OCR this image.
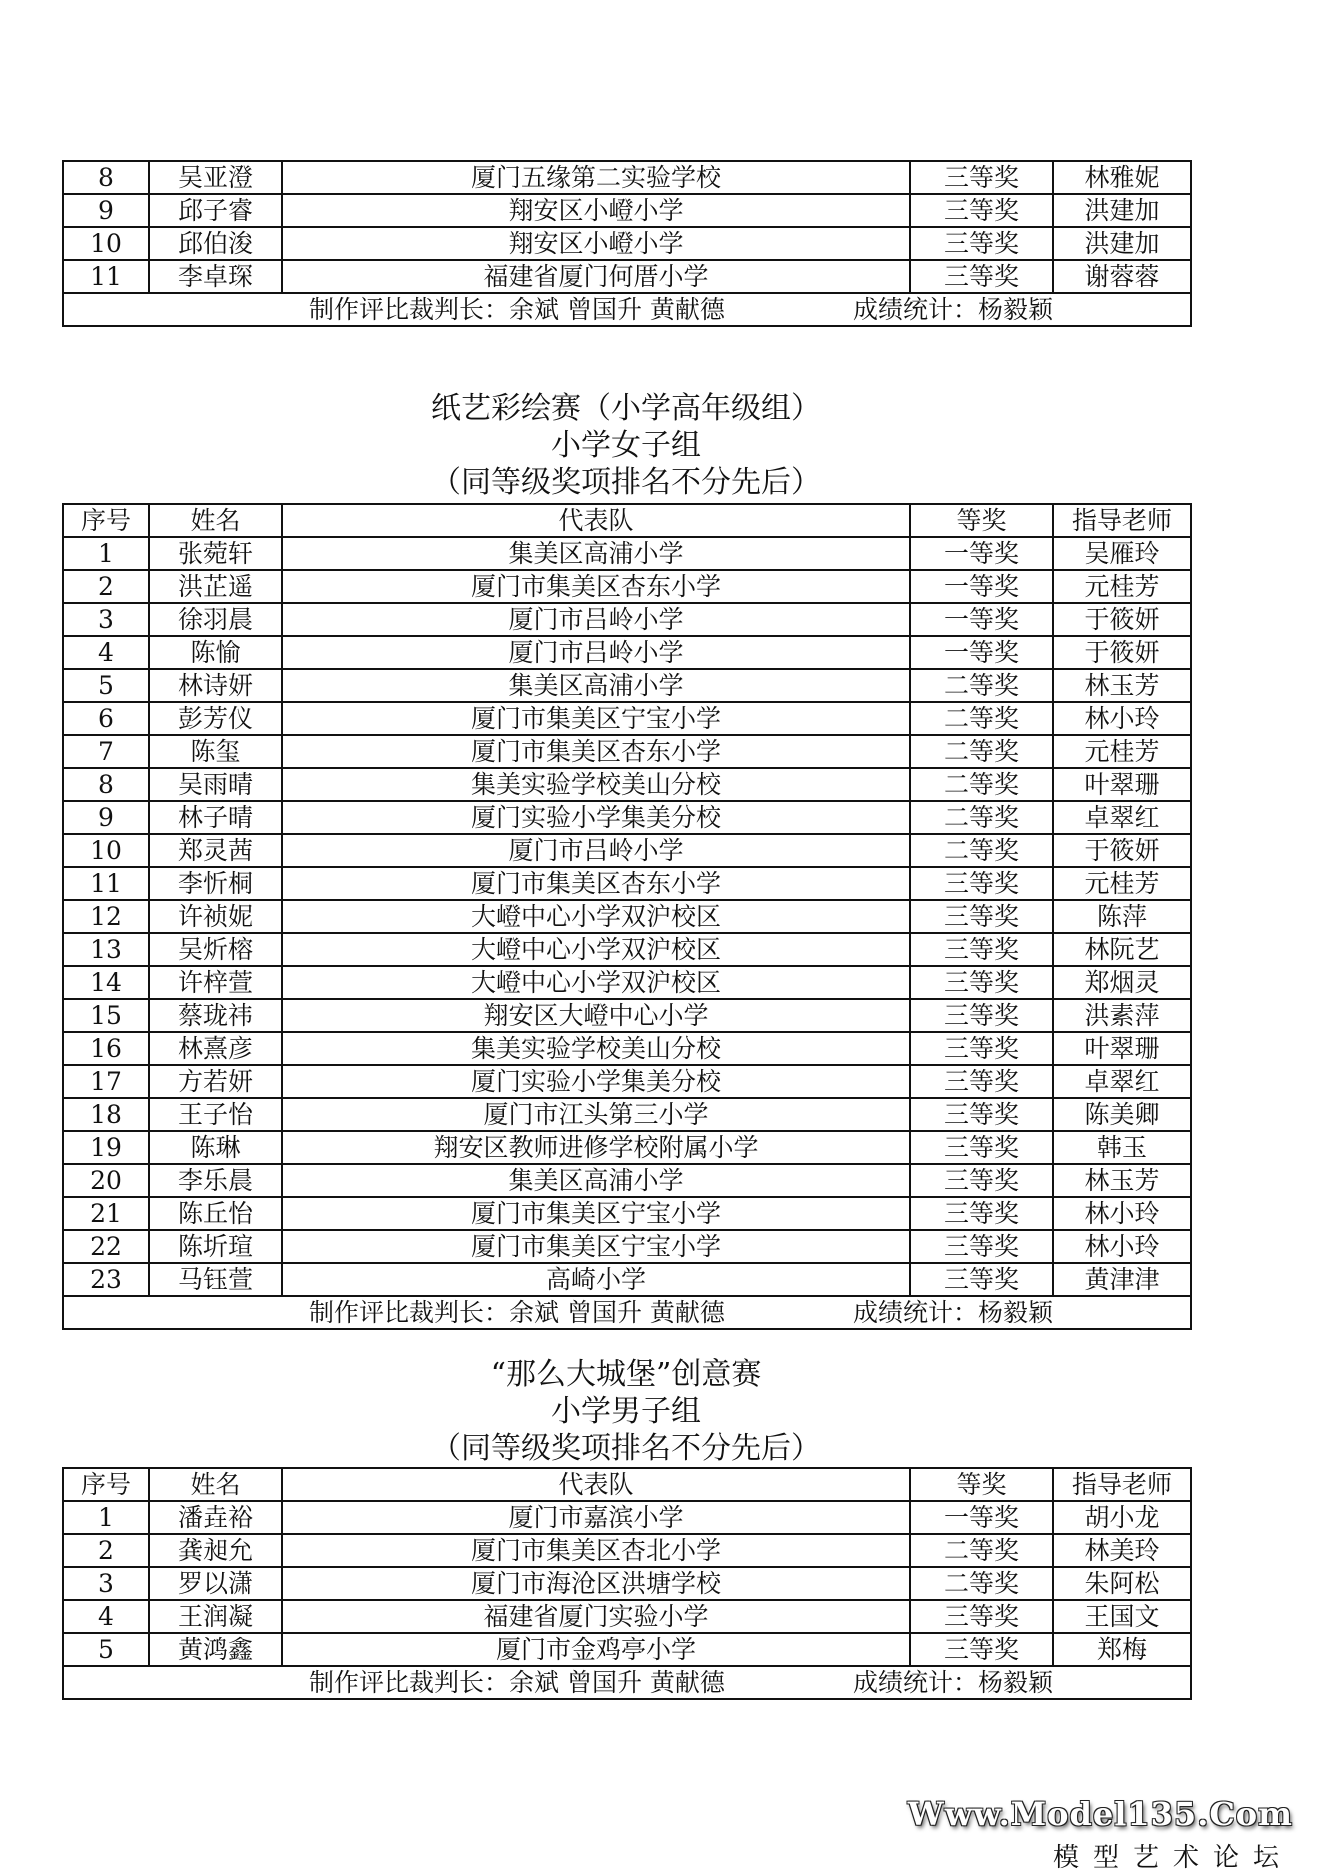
8	吴亚澄	厦门五缘第二实验学校	三等奖	林雅妮
9	邱子睿	翔安区小嶝小学	三等奖	洪建加
10	邱伯浚	翔安区小嶝小学	三等奖	洪建加
11	李卓琛	福建省厦门何厝小学	三等奖	谢蓉蓉
制作评比裁判长：余斌 曾国升 黄献德 成绩统计：杨毅颖				
纸艺彩绘赛（小学高年级组）
小学女子组
（同等级奖项排名不分先后）
序号	姓名	代表队	等奖	指导老师
1	张菀轩	集美区高浦小学	一等奖	吴雁玲
2	洪芷遥	厦门市集美区杏东小学	一等奖	元桂芳
3	徐羽晨	厦门市吕岭小学	一等奖	于筱妍
4	陈愉	厦门市吕岭小学	一等奖	于筱妍
5	林诗妍	集美区高浦小学	二等奖	林玉芳
6	彭芳仪	厦门市集美区宁宝小学	二等奖	林小玲
7	陈玺	厦门市集美区杏东小学	二等奖	元桂芳
8	吴雨晴	集美实验学校美山分校	二等奖	叶翠珊
9	林子晴	厦门实验小学集美分校	二等奖	卓翠红
10	郑灵茜	厦门市吕岭小学	二等奖	于筱妍
11	李忻桐	厦门市集美区杏东小学	三等奖	元桂芳
12	许祯妮	大嶝中心小学双沪校区	三等奖	陈萍
13	吴炘榕	大嶝中心小学双沪校区	三等奖	林阮艺
14	许梓萱	大嶝中心小学双沪校区	三等奖	郑烟灵
15	蔡珑祎	翔安区大嶝中心小学	三等奖	洪素萍
16	林熹彦	集美实验学校美山分校	三等奖	叶翠珊
17	方若妍	厦门实验小学集美分校	三等奖	卓翠红
18	王子怡	厦门市江头第三小学	三等奖	陈美卿
19	陈琳	翔安区教师进修学校附属小学	三等奖	韩玉
20	李乐晨	集美区高浦小学	三等奖	林玉芳
21	陈丘怡	厦门市集美区宁宝小学	三等奖	林小玲
22	陈圻瑄	厦门市集美区宁宝小学	三等奖	林小玲
23	马钰萱	高崎小学	三等奖	黄津津
制作评比裁判长：余斌 曾国升 黄献德 成绩统计：杨毅颖				
“那么大城堡”创意赛
小学男子组
（同等级奖项排名不分先后）
序号	姓名	代表队	等奖	指导老师
1	潘垚裕	厦门市嘉滨小学	一等奖	胡小龙
2	龚昶允	厦门市集美区杏北小学	二等奖	林美玲
3	罗以潇	厦门市海沧区洪塘学校	二等奖	朱阿松
4	王润凝	福建省厦门实验小学	三等奖	王国文
5	黄鸿鑫	厦门市金鸡亭小学	三等奖	郑梅
制作评比裁判长：余斌 曾国升 黄献德 成绩统计：杨毅颖				
Www.Model135.Com
模型艺术论坛
